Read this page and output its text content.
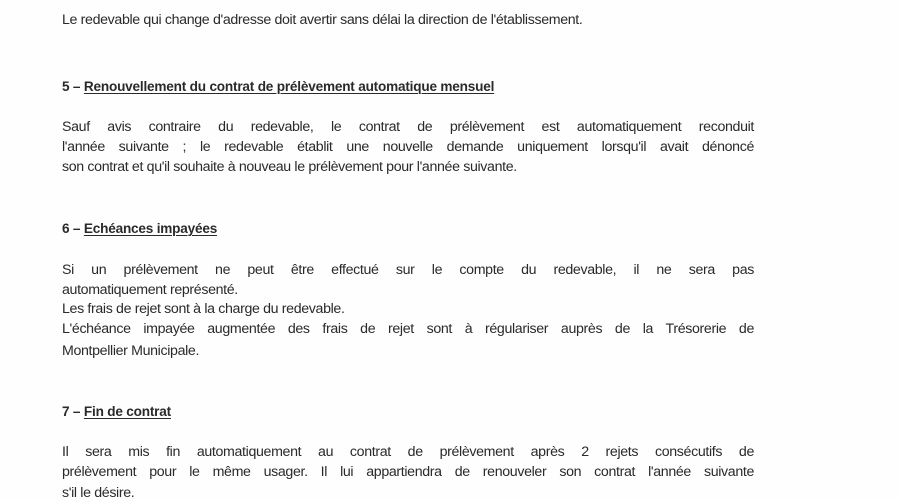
Le redevable qui change d'adresse doit avertir sans délai la direction de l'établissement.
5 – Renouvellement du contrat de prélèvement automatique mensuel
Sauf avis contraire du redevable, le contrat de prélèvement est automatiquement reconduit
l'année suivante ; le redevable établit une nouvelle demande uniquement lorsqu'il avait dénoncé
son contrat et qu'il souhaite à nouveau le prélèvement pour l'année suivante.
6 – Echéances impayées
Si un prélèvement ne peut être effectué sur le compte du redevable, il ne sera pas
automatiquement représenté.
Les frais de rejet sont à la charge du redevable.
L'échéance impayée augmentée des frais de rejet sont à régulariser auprès de la Trésorerie de
Montpellier Municipale.
7 – Fin de contrat
Il sera mis fin automatiquement au contrat de prélèvement après 2 rejets consécutifs de
prélèvement pour le même usager. Il lui appartiendra de renouveler son contrat l'année suivante
s'il le désire.
